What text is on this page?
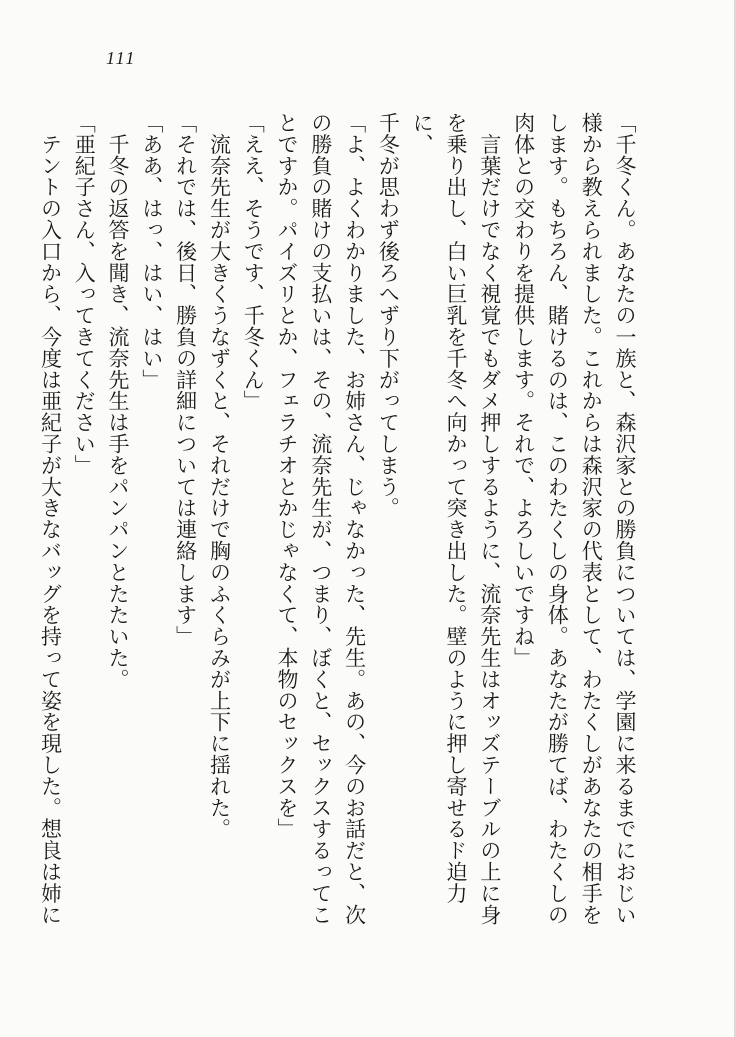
111

「千冬くん。あなたの一族と、森沢家との勝負については、学園に来るまでにおじい

様から教えられました。これからは森沢家の代表として、わたくしがあなたの相手を

します。もちろん、賭けるのは、このわたくしの身体。あなたが勝てば、わたくしの

肉体との交わりを提供します。それで、よろしいですね」

　言葉だけでなく視覚でもダメ押しするように、流奈先生はオッズテーブルの上に身

を乗り出し、白い巨乳を千冬へ向かって突き出した。壁のように押し寄せるド迫力に、

千冬が思わず後ろへずり下がってしまう。

「よ、よくわかりました、お姉さん、じゃなかった、先生。あの、今のお話だと、次

の勝負の賭けの支払いは、その、流奈先生が、つまり、ぼくと、セックスするってこ

とですか。パイズリとか、フェラチオとかじゃなくて、本物のセックスを」

「ええ、そうです、千冬くん」

　流奈先生が大きくうなずくと、それだけで胸のふくらみが上下に揺れた。

「それでは、後日、勝負の詳細については連絡します」

「ああ、はっ、はい、はい」

　千冬の返答を聞き、流奈先生は手をパンパンとたたいた。

「亜紀子さん、入ってきてください」

　テントの入口から、今度は亜紀子が大きなバッグを持って姿を現した。想良は姉に
